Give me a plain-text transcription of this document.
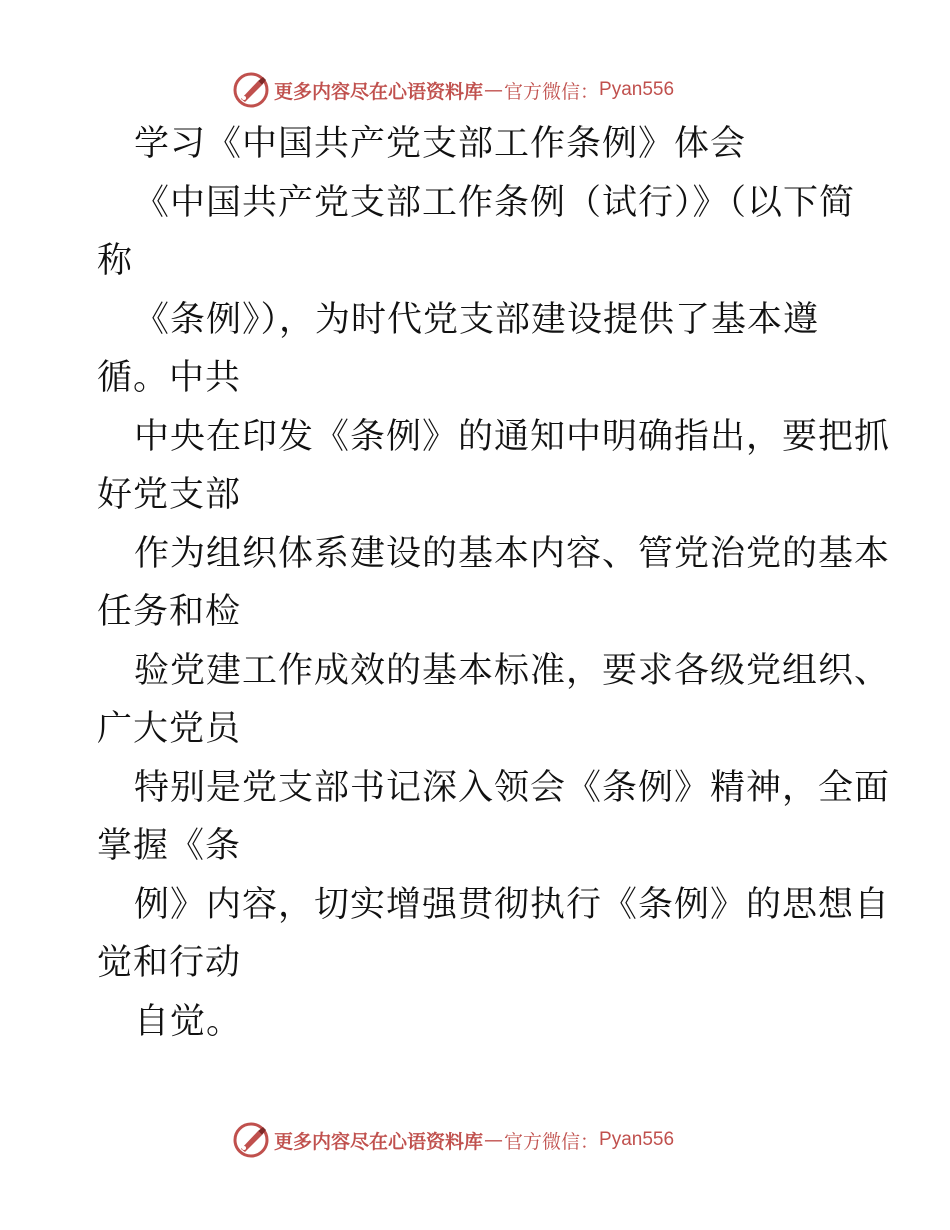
更多内容尽在心语资料库 — 官方微信： Pyan556
学习《中国共产党支部工作条例》体会
《中国共产党支部工作条例（试行）》（以下简
称
《条例》），为时代党支部建设提供了基本遵
循。中共
中央在印发《条例》的通知中明确指出，要把抓
好党支部
作为组织体系建设的基本内容、管党治党的基本
任务和检
验党建工作成效的基本标准，要求各级党组织、
广大党员
特别是党支部书记深入领会《条例》精神，全面
掌握《条
例》内容，切实增强贯彻执行《条例》的思想自
觉和行动
自觉。
更多内容尽在心语资料库 — 官方微信： Pyan556
